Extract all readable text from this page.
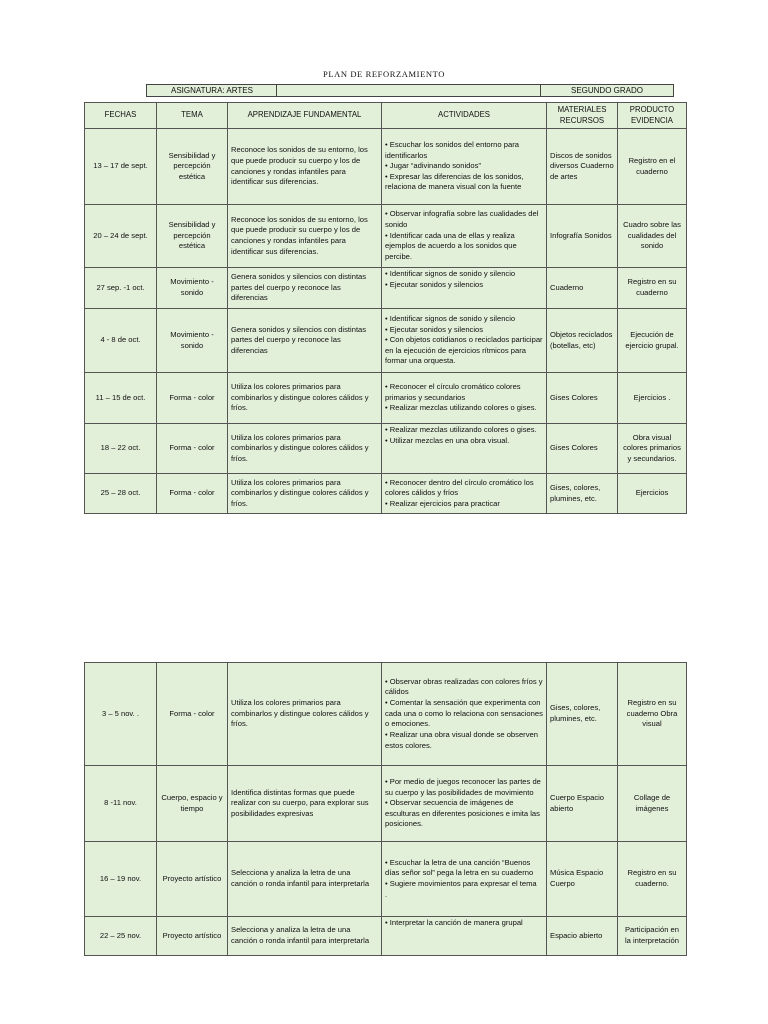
PLAN DE REFORZAMIENTO
ASIGNATURA: ARTES	SEGUNDO GRADO
FECHAS	TEMA	APRENDIZAJE FUNDAMENTAL	ACTIVIDADES	MATERIALES RECURSOS	PRODUCTO EVIDENCIA
13 – 17 de sept.	Sensibilidad y percepción estética	Reconoce los sonidos de su entorno, los que puede producir su cuerpo y los de canciones y rondas infantiles para identificar sus diferencias.	• Escuchar los sonidos del entorno para identificarlos
• Jugar “adivinando sonidos”
• Expresar las diferencias de los sonidos, relaciona de manera visual con la fuente	Discos de sonidos diversos Cuaderno de artes	Registro en el cuaderno
20 – 24 de sept.	Sensibilidad y percepción estética	Reconoce los sonidos de su entorno, los que puede producir su cuerpo y los de canciones y rondas infantiles para identificar sus diferencias.	• Observar infografía sobre las cualidades del sonido
• Identificar cada una de ellas y realiza ejemplos de acuerdo a los sonidos que percibe.	Infografía Sonidos	Cuadro sobre las cualidades del sonido
27 sep. -1 oct.	Movimiento - sonido	Genera sonidos y silencios con distintas partes del cuerpo y reconoce las diferencias	• Identificar signos de sonido y silencio
• Ejecutar sonidos y silencios	Cuaderno	Registro en su cuaderno
4 - 8 de oct.	Movimiento - sonido	Genera sonidos y silencios con distintas partes del cuerpo y reconoce las diferencias	• Identificar signos de sonido y silencio
• Ejecutar sonidos y silencios
• Con objetos cotidianos o reciclados participar en la ejecución de ejercicios rítmicos para formar una orquesta.	Objetos reciclados (botellas, etc)	Ejecución de ejercicio grupal.
11 – 15 de oct.	Forma - color	Utiliza los colores primarios para combinarlos y distingue colores cálidos y fríos.	• Reconocer el círculo cromático colores primarios y secundarios
• Realizar mezclas utilizando colores o gises.	Gises Colores	Ejercicios .
18 – 22 oct.	Forma - color	Utiliza los colores primarios para combinarlos y distingue colores cálidos y fríos.	• Realizar mezclas utilizando colores o gises.
• Utilizar mezclas en una obra visual.	Gises Colores	Obra visual colores primarios y secundarios.
25 – 28 oct.	Forma - color	Utiliza los colores primarios para combinarlos y distingue colores cálidos y fríos.	• Reconocer dentro del círculo cromático los colores cálidos y fríos
• Realizar ejercicios para practicar	Gises, colores, plumines, etc.	Ejercicios
3 – 5 nov. .	Forma - color	Utiliza los colores primarios para combinarlos y distingue colores cálidos y fríos.	• Observar obras realizadas con colores fríos y cálidos
• Comentar la sensación que experimenta con cada una o como lo relaciona con sensaciones o emociones.
• Realizar una obra visual donde se observen estos colores.	Gises, colores, plumines, etc.	Registro en su cuaderno Obra visual
8 -11 nov.	Cuerpo, espacio y tiempo	Identifica distintas formas que puede realizar con su cuerpo, para explorar sus posibilidades expresivas	• Por medio de juegos reconocer las partes de su cuerpo y las posibilidades de movimiento
• Observar secuencia de imágenes de esculturas en diferentes posiciones e imita las posiciones.	Cuerpo Espacio abierto	Collage de imágenes
16 – 19 nov.	Proyecto artístico	Selecciona y analiza la letra de una canción o ronda infantil para interpretarla	• Escuchar la letra de una canción “Buenos días señor sol” pega la letra en su cuaderno
• Sugiere movimientos para expresar el tema
.	Música Espacio Cuerpo	Registro en su cuaderno.
22 – 25 nov.	Proyecto artístico	Selecciona y analiza la letra de una canción o ronda infantil para interpretarla	• Interpretar la canción de manera grupal	Espacio abierto	Participación en la interpretación
